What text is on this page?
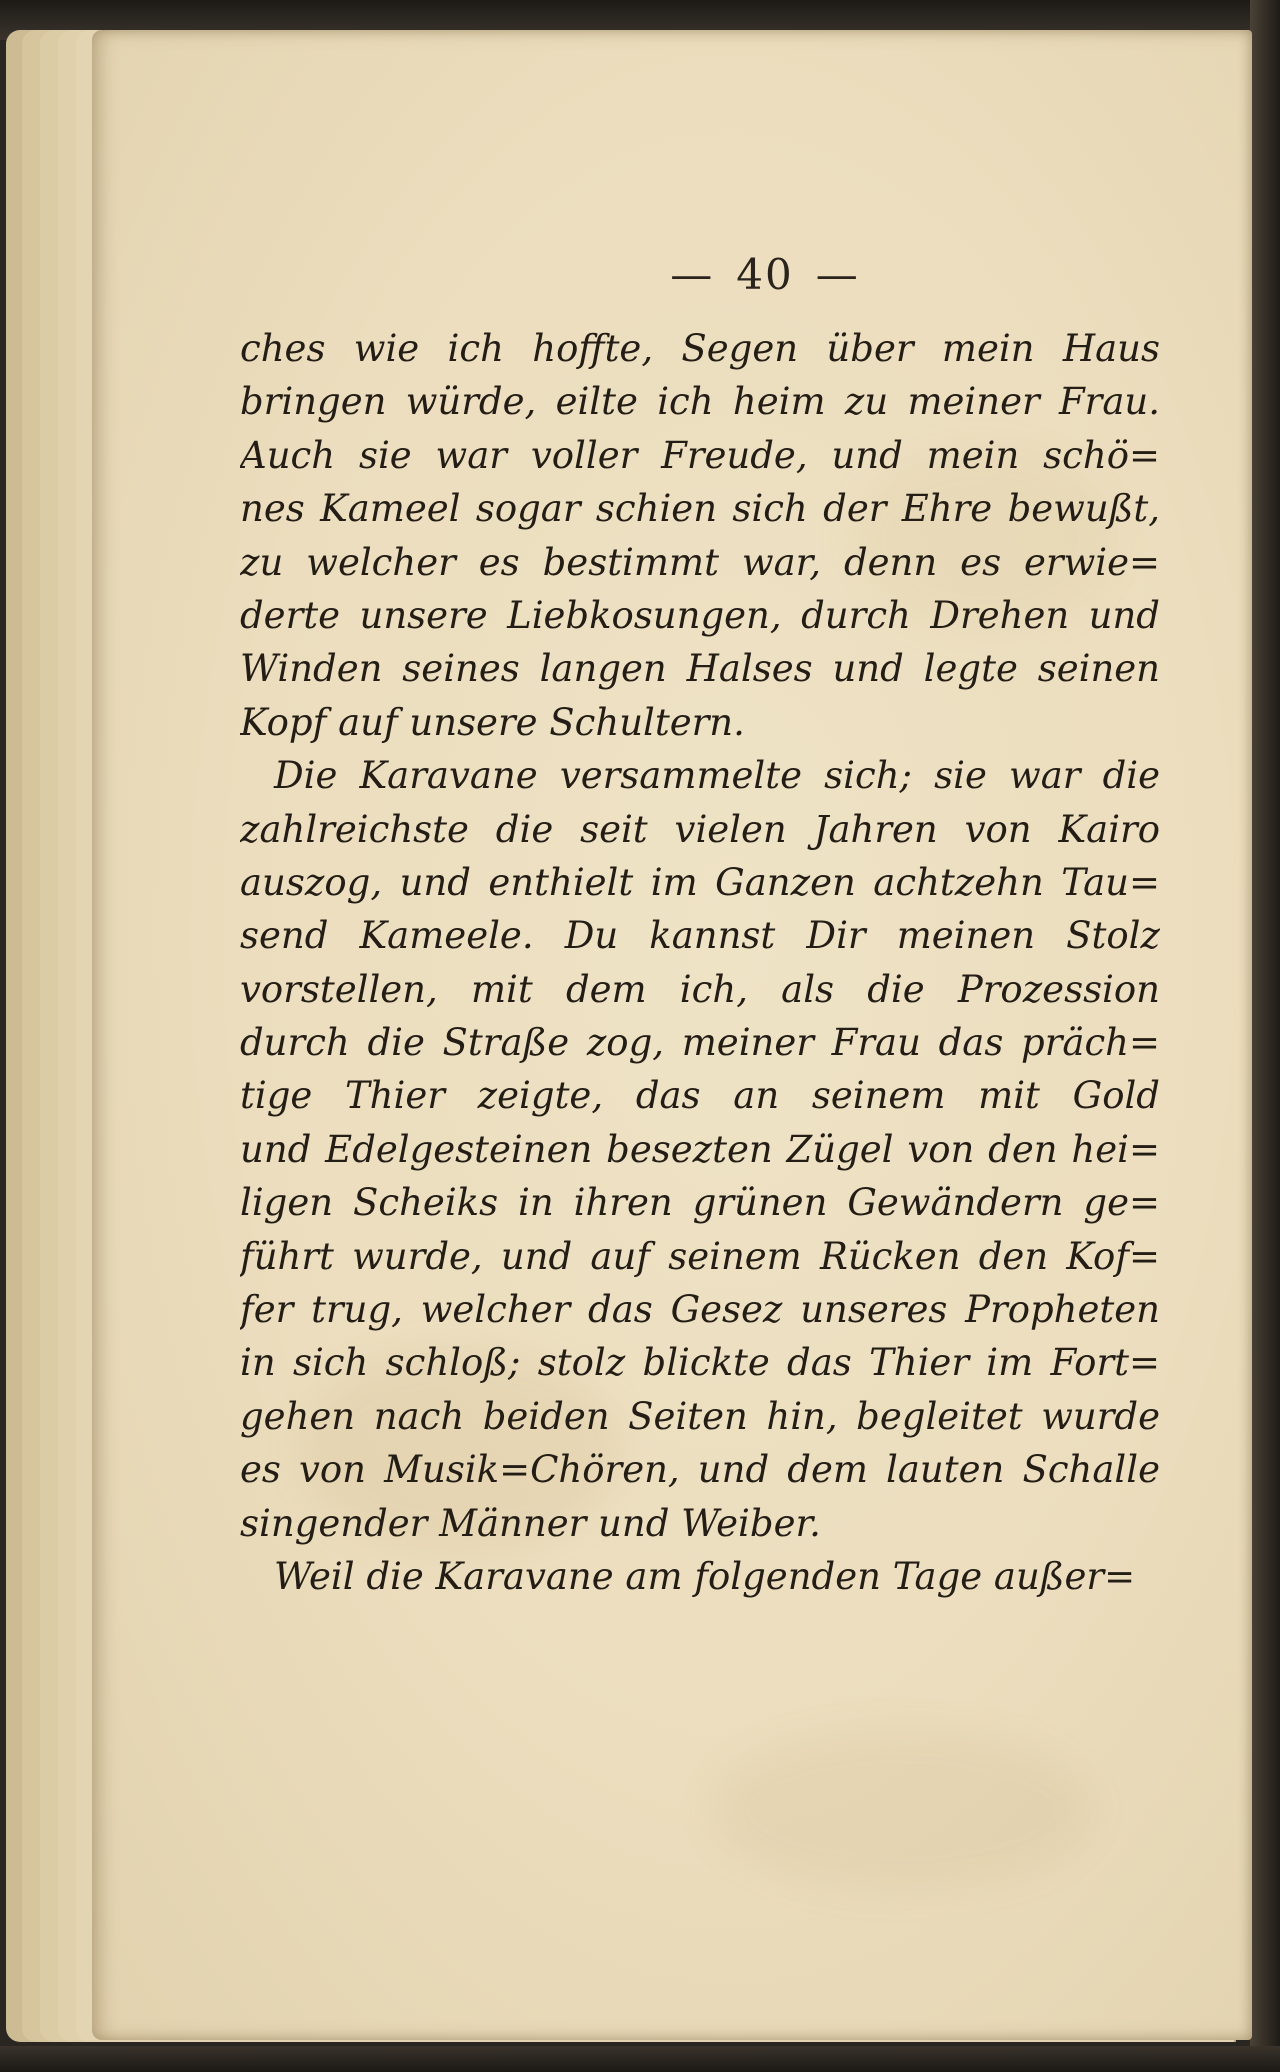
— 40 —
ches wie ich hoffte, Segen über mein Haus
bringen würde, eilte ich heim zu meiner Frau.
Auch sie war voller Freude, und mein schö=
nes Kameel sogar schien sich der Ehre bewußt,
zu welcher es bestimmt war, denn es erwie=
derte unsere Liebkosungen, durch Drehen und
Winden seines langen Halses und legte seinen
Kopf auf unsere Schultern.
Die Karavane versammelte sich; sie war die
zahlreichste die seit vielen Jahren von Kairo
auszog, und enthielt im Ganzen achtzehn Tau=
send Kameele. Du kannst Dir meinen Stolz
vorstellen, mit dem ich, als die Prozession
durch die Straße zog, meiner Frau das präch=
tige Thier zeigte, das an seinem mit Gold
und Edelgesteinen besezten Zügel von den hei=
ligen Scheiks in ihren grünen Gewändern ge=
führt wurde, und auf seinem Rücken den Kof=
fer trug, welcher das Gesez unseres Propheten
in sich schloß; stolz blickte das Thier im Fort=
gehen nach beiden Seiten hin, begleitet wurde
es von Musik=Chören, und dem lauten Schalle
singender Männer und Weiber.
Weil die Karavane am folgenden Tage außer=
